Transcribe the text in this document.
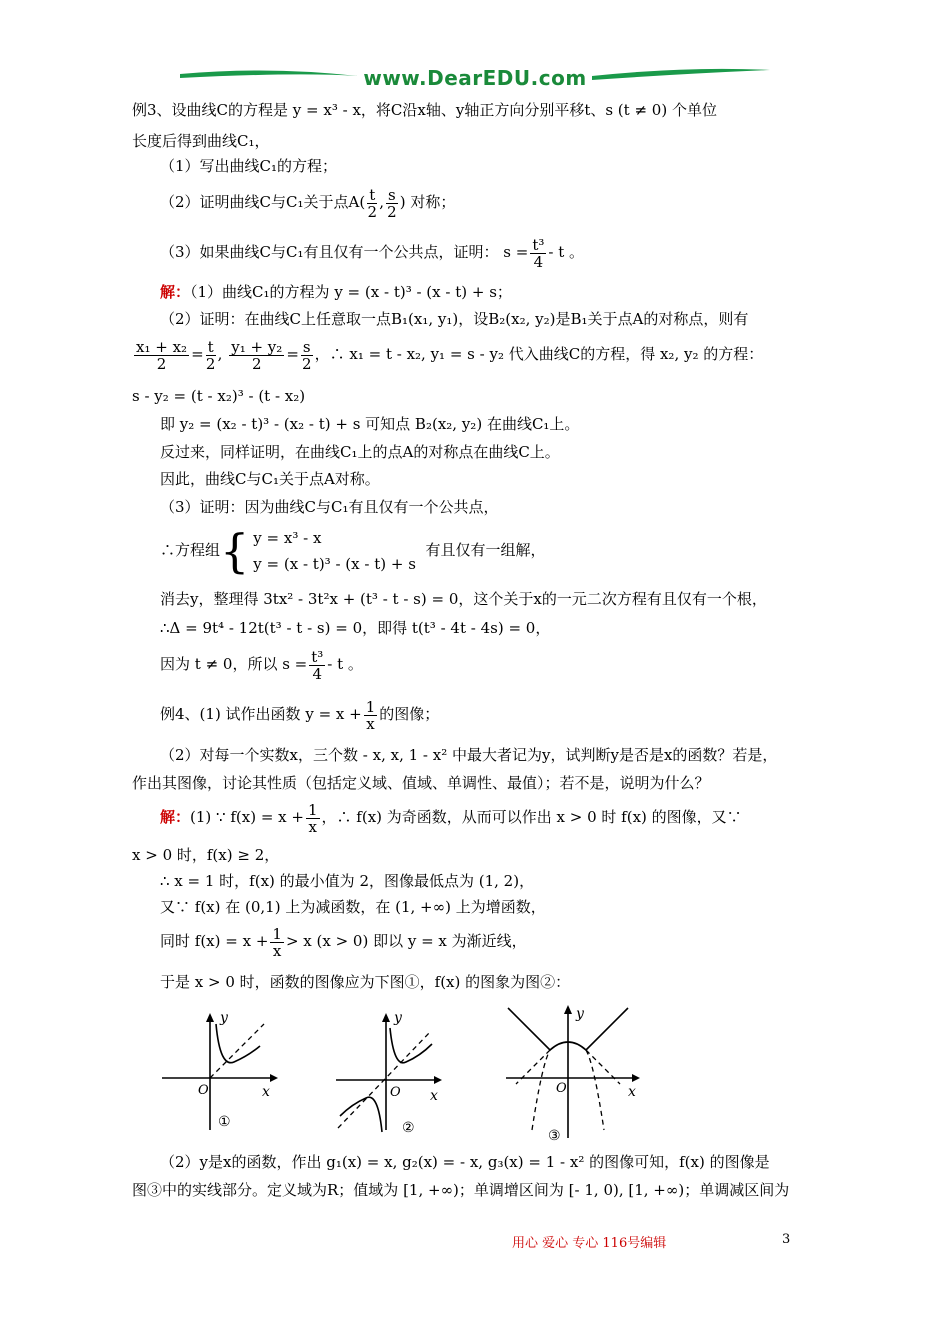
www.DearEDU.com
例3、设曲线C的方程是 y = x³ - x，将C沿x轴、y轴正方向分别平移t、s (t ≠ 0) 个单位
长度后得到曲线C₁，
（1）写出曲线C₁的方程；
（2）证明曲线C与C₁关于点$A( \frac{t}{2}$ , $\frac{s}{2}$ ) 对称；
（3）如果曲线C与C₁有且仅有一个公共点，证明： $s = \frac{\text{t³}}{4} - t$ 。
解：（1）曲线C₁的方程为 y = (x - t)³ - (x - t) + s；
（2）证明：在曲线C上任意取一点B₁(x₁, y₁)，设B₂(x₂, y₂)是B₁关于点A的对称点，则有
$\frac{\text{x₁ + x₂}}{2} = \frac{t}{2}$ , $\frac{\text{y₁ + y₂}}{2} = \frac{s}{2}$ ，∴ x₁ = t - x₂, y₁ = s - y₂ 代入曲线C的方程，得 x₂, y₂ 的方程：
s - y₂ = (t - x₂)³ - (t - x₂)
即 y₂ = (x₂ - t)³ - (x₂ - t) + s 可知点 B₂(x₂, y₂) 在曲线C₁上。
反过来，同样证明，在曲线C₁上的点A的对称点在曲线C上。
因此，曲线C与C₁关于点A对称。
（3）证明：因为曲线C与C₁有且仅有一个公共点，
∴方程组{ y = x³ - x
y = (x - t)³ - (x - t) + s
有且仅有一组解，
消去y，整理得 3tx² - 3t²x + (t³ - t - s) = 0，这个关于x的一元二次方程有且仅有一个根，
∴Δ = 9t⁴ - 12t(t³ - t - s) = 0，即得 t(t³ - 4t - 4s) = 0，
因为 t ≠ 0，所以 $s = \frac{\text{t³}}{4} - t$ 。
例4、(1) 试作出函数 $y = x + \frac{1}{x}$ 的图像；
（2）对每一个实数x，三个数 - x, x, 1 - x² 中最大者记为y，试判断y是否是x的函数？若是，
作出其图像，讨论其性质（包括定义域、值域、单调性、最值）；若不是，说明为什么？
解：(1) ∵ $f(x) = x + \frac{1}{x}$ ，∴ f(x) 为奇函数，从而可以作出 x > 0 时 f(x) 的图像，又∵
x > 0 时，f(x) ≥ 2，
∴ x = 1 时，f(x) 的最小值为 2，图像最低点为 (1, 2)，
又∵ f(x) 在 (0,1) 上为减函数，在 (1, +∞) 上为增函数，
同时 $f(x) = x + \frac{1}{x} > x$ (x > 0) 即以 y = x 为渐近线，
于是 x > 0 时，函数的图像应为下图①，f(x) 的图象为图②：
y
O	x
①
y
O x
②
y
O	x
③
（2）y是x的函数，作出 g₁(x) = x, g₂(x) = - x, g₃(x) = 1 - x² 的图像可知，f(x) 的图像是
图③中的实线部分。定义域为R；值域为 [1, +∞)；单调增区间为 [- 1, 0), [1, +∞)；单调减区间为
用心 爱心 专心 116号编辑	3
